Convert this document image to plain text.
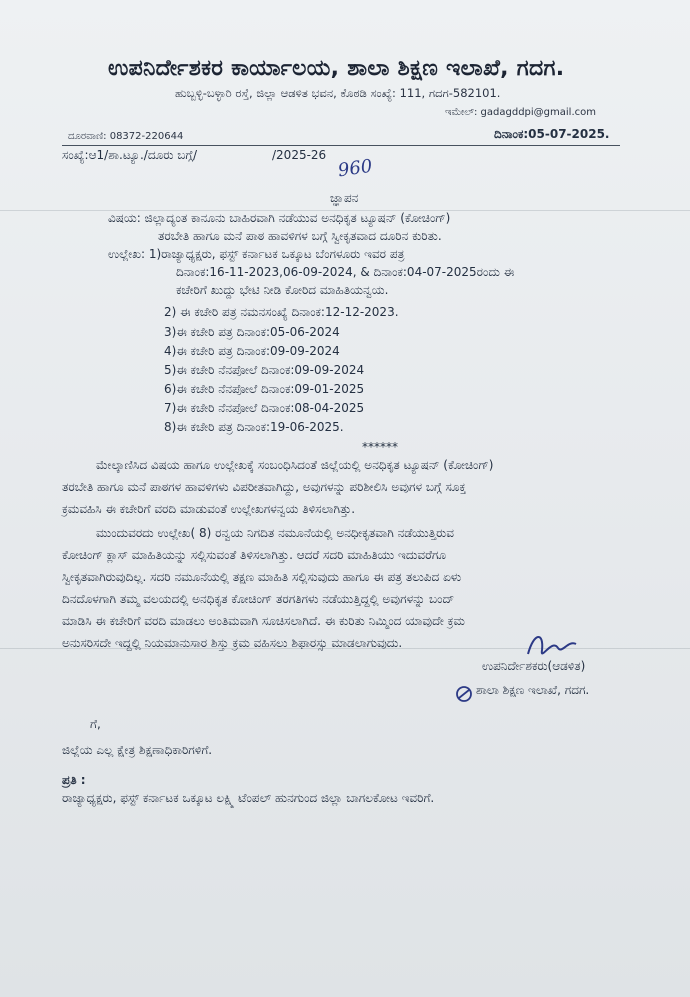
ಉಪನಿರ್ದೇಶಕರ ಕಾರ್ಯಾಲಯ, ಶಾಲಾ ಶಿಕ್ಷಣ ಇಲಾಖೆ, ಗದಗ.
ಹುಬ್ಬಳ್ಳಿ-ಬಳ್ಳಾರಿ ರಸ್ತೆ, ಜಿಲ್ಲಾ ಆಡಳಿತ ಭವನ, ಕೊಠಡಿ ಸಂಖ್ಯೆ: 111, ಗದಗ-582101.
ಇಮೇಲ್: gadagddpi@gmail.com
ದೂರವಾಣಿ: 08372-220644
ಸಂಖ್ಯೆ:ಆ1/ಶಾ.ಟ್ಯೂ./ದೂರು ಬಗ್ಗೆ/	/2025-26
960
ದಿನಾಂಕ:05-07-2025.
ಜ್ಞಾಪನ
ವಿಷಯ: ಜಿಲ್ಲಾದ್ಯಂತ ಕಾನೂನು ಬಾಹಿರವಾಗಿ ನಡೆಯುವ ಅನಧಿಕೃತ ಟ್ಯೂಷನ್ (ಕೋಚಿಂಗ್)
ತರಬೇತಿ ಹಾಗೂ ಮನೆ ಪಾಠ ಹಾವಳಿಗಳ ಬಗ್ಗೆ ಸ್ವೀಕೃತವಾದ ದೂರಿನ ಕುರಿತು.
ಉಲ್ಲೇಖ: 1)ರಾಜ್ಯಾಧ್ಯಕ್ಷರು, ಫಸ್ಟ್ ಕರ್ನಾಟಕ ಒಕ್ಕೂಟ ಬೆಂಗಳೂರು ಇವರ ಪತ್ರ
ದಿನಾಂಕ:16-11-2023,06-09-2024, & ದಿನಾಂಕ:04-07-2025ರಂದು ಈ
ಕಚೇರಿಗೆ ಖುದ್ದು ಭೇಟಿ ನೀಡಿ ಕೋರಿದ ಮಾಹಿತಿಯನ್ವಯ.
2) ಈ ಕಚೇರಿ ಪತ್ರ ನಮನಸಂಖ್ಯೆ ದಿನಾಂಕ:12-12-2023.
3)ಈ ಕಚೇರಿ ಪತ್ರ ದಿನಾಂಕ:05-06-2024
4)ಈ ಕಚೇರಿ ಪತ್ರ ದಿನಾಂಕ:09-09-2024
5)ಈ ಕಚೇರಿ ನೆನಪೋಲೆ ದಿನಾಂಕ:09-09-2024
6)ಈ ಕಚೇರಿ ನೆನಪೋಲೆ ದಿನಾಂಕ:09-01-2025
7)ಈ ಕಚೇರಿ ನೆನಪೋಲೆ ದಿನಾಂಕ:08-04-2025
8)ಈ ಕಚೇರಿ ಪತ್ರ ದಿನಾಂಕ:19-06-2025.
******
ಮೇಲ್ಕಾಣಿಸಿದ ವಿಷಯ ಹಾಗೂ ಉಲ್ಲೇಖಕ್ಕೆ ಸಂಬಂಧಿಸಿದಂತೆ ಜಿಲ್ಲೆಯಲ್ಲಿ ಅನಧಿಕೃತ ಟ್ಯೂಷನ್ (ಕೋಚಿಂಗ್)
ತರಬೇತಿ ಹಾಗೂ ಮನೆ ಪಾಠಗಳ ಹಾವಳಿಗಳು ವಿಪರೀತವಾಗಿದ್ದು, ಅವುಗಳನ್ನು ಪರಿಶೀಲಿಸಿ ಅವುಗಳ ಬಗ್ಗೆ ಸೂಕ್ತ
ಕ್ರಮವಹಿಸಿ ಈ ಕಚೇರಿಗೆ ವರದಿ ಮಾಡುವಂತೆ ಉಲ್ಲೇಖಗಳನ್ವಯ ತಿಳಿಸಲಾಗಿತ್ತು.
ಮುಂದುವರದು ಉಲ್ಲೇಖ( 8) ರನ್ವಯ ನಿಗದಿತ ನಮೂನೆಯಲ್ಲಿ ಅನಧೀಕೃತವಾಗಿ ನಡೆಯುತ್ತಿರುವ
ಕೋಚಿಂಗ್ ಕ್ಲಾಸ್ ಮಾಹಿತಿಯನ್ನು ಸಲ್ಲಿಸುವಂತೆ ತಿಳಿಸಲಾಗಿತ್ತು. ಆದರೆ ಸದರಿ ಮಾಹಿತಿಯು ಇದುವರೆಗೂ
ಸ್ವೀಕೃತವಾಗಿರುವುದಿಲ್ಲ. ಸದರಿ ನಮೂನೆಯಲ್ಲಿ ತಕ್ಷಣ ಮಾಹಿತಿ ಸಲ್ಲಿಸುವುದು ಹಾಗೂ ಈ ಪತ್ರ ತಲುಪಿದ ಏಳು
ದಿನದೊಳಗಾಗಿ ತಮ್ಮ ವಲಯದಲ್ಲಿ ಅನಧಿಕೃತ ಕೋಚಿಂಗ್ ತರಗತಿಗಳು ನಡೆಯುತ್ತಿದ್ದಲ್ಲಿ ಅವುಗಳನ್ನು ಬಂದ್
ಮಾಡಿಸಿ ಈ ಕಚೇರಿಗೆ ವರದಿ ಮಾಡಲು ಅಂತಿಮವಾಗಿ ಸೂಚಿಸಲಾಗಿದೆ. ಈ ಕುರಿತು ನಿಮ್ಮಿಂದ ಯಾವುದೇ ಕ್ರಮ
ಅನುಸರಿಸದೇ ಇದ್ದಲ್ಲಿ ನಿಯಮಾನುಸಾರ ಶಿಸ್ತು ಕ್ರಮ ವಹಿಸಲು ಶಿಫಾರಸ್ಸು ಮಾಡಲಾಗುವುದು.
ಉಪನಿರ್ದೇಶಕರು(ಆಡಳಿತ)
ಶಾಲಾ ಶಿಕ್ಷಣ ಇಲಾಖೆ, ಗದಗ.
ಗೆ,
ಜಿಲ್ಲೆಯ ಎಲ್ಲ ಕ್ಷೇತ್ರ ಶಿಕ್ಷಣಾಧಿಕಾರಿಗಳಿಗೆ.
ಪ್ರತಿ :
ರಾಜ್ಯಾಧ್ಯಕ್ಷರು, ಫಸ್ಟ್ ಕರ್ನಾಟಕ ಒಕ್ಕೂಟ ಲಕ್ಷ್ಮಿ ಟೆಂಪಲ್ ಹುನಗುಂದ ಜಿಲ್ಲಾ ಬಾಗಲಕೋಟ ಇವರಿಗೆ.
